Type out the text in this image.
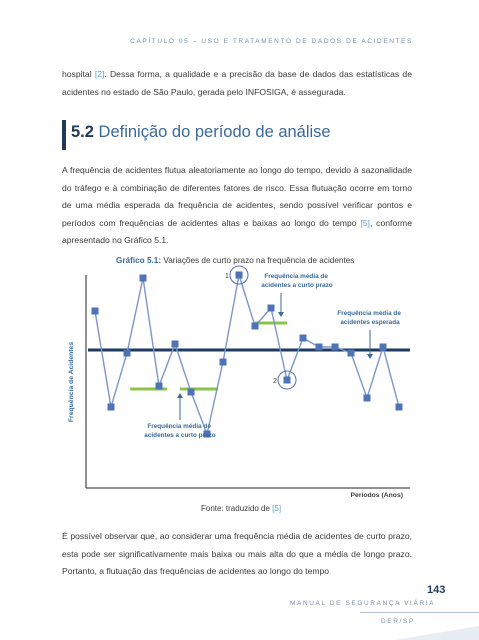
CAPÍTULO 05 – USO E TRATAMENTO DE DADOS DE ACIDENTES
hospital [2]. Dessa forma, a qualidade e a precisão da base de dados das estatísticas de acidentes no estado de São Paulo, gerada pelo INFOSIGA, é assegurada.
5.2 Definição do período de análise
A frequência de acidentes flutua aleatoriamente ao longo do tempo, devido à sazonalidade do tráfego e à combinação de diferentes fatores de risco. Essa flutuação ocorre em torno de uma média esperada da frequência de acidentes, sendo possível verificar pontos e períodos com frequências de acidentes altas e baixas ao longo do tempo [5], conforme apresentado no Gráfico 5.1.
Gráfico 5.1: Variações de curto prazo na frequência de acidentes
Frequência de Acidentes
Períodos (Anos)
1
2
Frequência média de acidentes a curto prazo
Frequência média de acidentes esperada
Frequência média de acidentes a curto prazo
Fonte: traduzido de [5]
É possível observar que, ao considerar uma frequência média de acidentes de curto prazo, esta pode ser significativamente mais baixa ou mais alta do que a média de longo prazo. Portanto, a flutuação das frequências de acidentes ao longo do tempo
143
MANUAL DE SEGURANÇA VIÁRIA
DER/SP
